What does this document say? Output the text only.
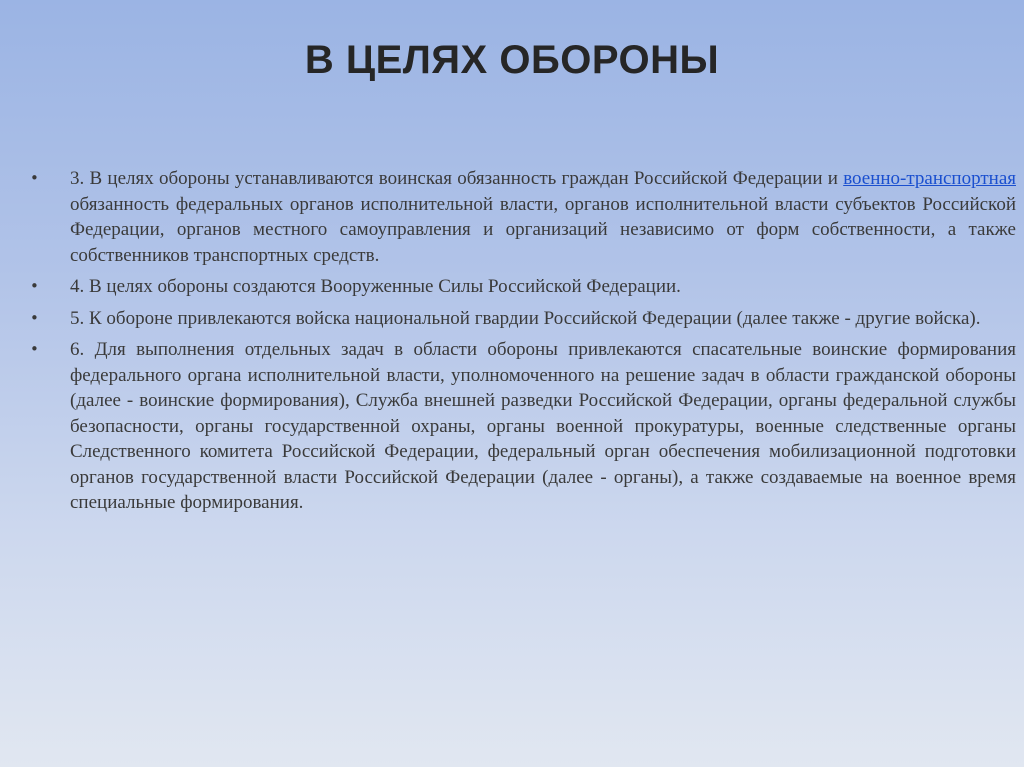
В ЦЕЛЯХ ОБОРОНЫ
• 3. В целях обороны устанавливаются воинская обязанность граждан Российской Федерации и военно-транспортная обязанность федеральных органов исполнительной власти, органов исполнительной власти субъектов Российской Федерации, органов местного самоуправления и организаций независимо от форм собственности, а также собственников транспортных средств.
• 4. В целях обороны создаются Вооруженные Силы Российской Федерации.
• 5. К обороне привлекаются войска национальной гвардии Российской Федерации (далее также - другие войска).
• 6. Для выполнения отдельных задач в области обороны привлекаются спасательные воинские формирования федерального органа исполнительной власти, уполномоченного на решение задач в области гражданской обороны (далее - воинские формирования), Служба внешней разведки Российской Федерации, органы федеральной службы безопасности, органы государственной охраны, органы военной прокуратуры, военные следственные органы Следственного комитета Российской Федерации, федеральный орган обеспечения мобилизационной подготовки органов государственной власти Российской Федерации (далее - органы), а также создаваемые на военное время специальные формирования.
